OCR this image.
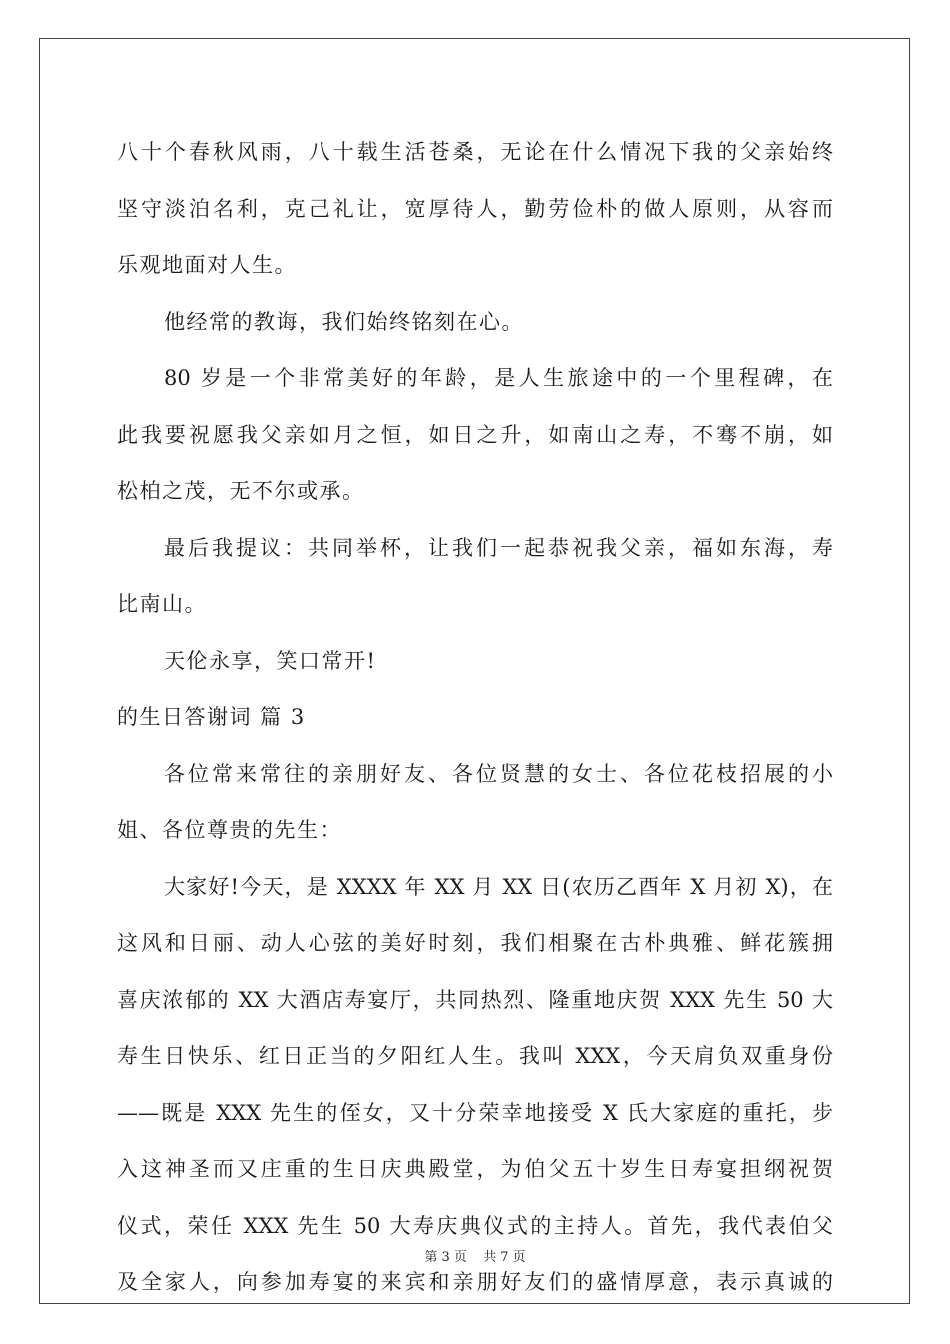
八十个春秋风雨，八十载生活苍桑，无论在什么情况下我的父亲始终
坚守淡泊名利，克己礼让，宽厚待人，勤劳俭朴的做人原则，从容而
乐观地面对人生。
他经常的教诲，我们始终铭刻在心。
80 岁是一个非常美好的年龄，是人生旅途中的一个里程碑，在
此我要祝愿我父亲如月之恒，如日之升，如南山之寿，不骞不崩，如
松柏之茂，无不尔或承。
最后我提议：共同举杯，让我们一起恭祝我父亲，福如东海，寿
比南山。
天伦永享，笑口常开!
的生日答谢词 篇 3
各位常来常往的亲朋好友、各位贤慧的女士、各位花枝招展的小
姐、各位尊贵的先生：
大家好!今天，是 XXXX 年 XX 月 XX 日(农历乙酉年 X 月初 X)，在
这风和日丽、动人心弦的美好时刻，我们相聚在古朴典雅、鲜花簇拥
喜庆浓郁的 XX 大酒店寿宴厅，共同热烈、隆重地庆贺 XXX 先生 50 大
寿生日快乐、红日正当的夕阳红人生。我叫 XXX，今天肩负双重身份
——既是 XXX 先生的侄女，又十分荣幸地接受 X 氏大家庭的重托，步
入这神圣而又庄重的生日庆典殿堂，为伯父五十岁生日寿宴担纲祝贺
仪式，荣任 XXX 先生 50 大寿庆典仪式的主持人。首先，我代表伯父
及全家人，向参加寿宴的来宾和亲朋好友们的盛情厚意，表示真诚的
第 3 页 共 7 页
